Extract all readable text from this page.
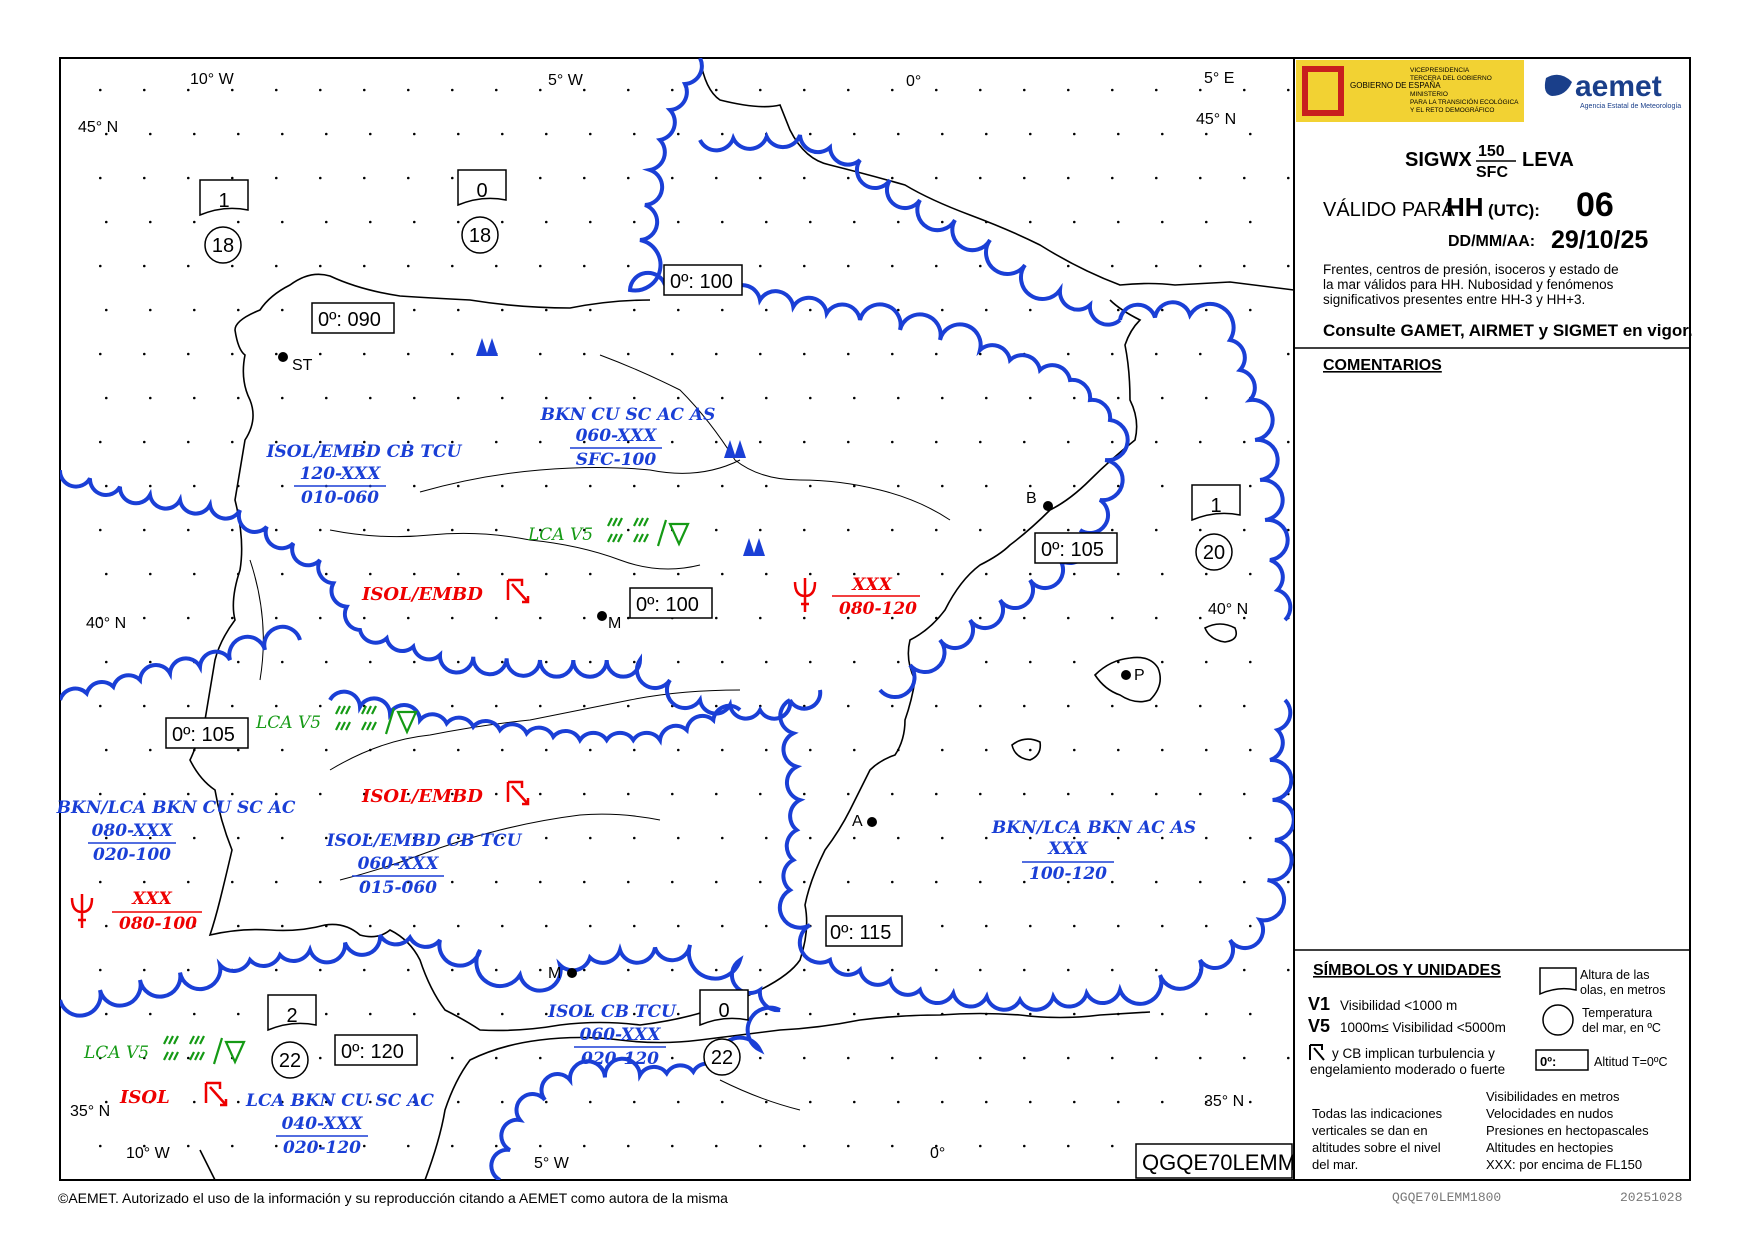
10° W	5° W	0°	5° E
10° W
5° W
0°
45° N
40° N
35° N
45° N
40° N
35° N
ST
B
M
P
A
M
0º: 100
0º: 090
0º: 105
0º: 100
0º: 105
0º: 115
0º: 120
1
18
0
18
1
20
2
22
0
22
BKN CU SC AC AS
060-XXX
SFC-100
ISOL/EMBD CB TCU
120-XXX
010-060
BKN/LCA BKN CU SC AC
080-XXX
020-100
ISOL/EMBD CB TCU
060-XXX
015-060
BKN/LCA BKN AC AS
XXX
100-120
ISOL CB TCU
060-XXX
020-120
LCA BKN CU SC AC
040-XXX
020-120
XXX
080-120
XXX
080-100
ISOL/EMBD
ISOL/EMBD
ISOL
LCA V5
LCA V5
LCA V5
QGQE70LEMM
GOBIERNO DE ESPAÑA
VICEPRESIDENCIA
TERCERA DEL GOBIERNO
MINISTERIO
PARA LA TRANSICIÓN ECOLÓGICA
Y EL RETO DEMOGRÁFICO
aemet
Agencia Estatal de Meteorología
SIGWX 150
SFC
LEVA
VÁLIDO PARA
HH (UTC): 06
DD/MM/AA: 29/10/25
Frentes, centros de presión, isoceros y estado de
la mar válidos para HH. Nubosidad y fenómenos
significativos presentes entre HH-3 y HH+3.
Consulte GAMET, AIRMET y SIGMET en vigor.
COMENTARIOS
SÍMBOLOS Y UNIDADES
V1 Visibilidad <1000 m
V5 1000m≤ Visibilidad <5000m
y CB implican turbulencia y
engelamiento moderado o fuerte
Altura de las
olas, en metros
Temperatura
del mar, en ºC
0º:	Altitud T=0ºC
Todas las indicaciones
verticales se dan en
altitudes sobre el nivel
del mar.
Visibilidades en metros
Velocidades en nudos
Presiones en hectopascales
Altitudes en hectopies
XXX: por encima de FL150
©AEMET. Autorizado el uso de la información y su reproducción citando a AEMET como autora de la misma	QGQE70LEMM1800	20251028
